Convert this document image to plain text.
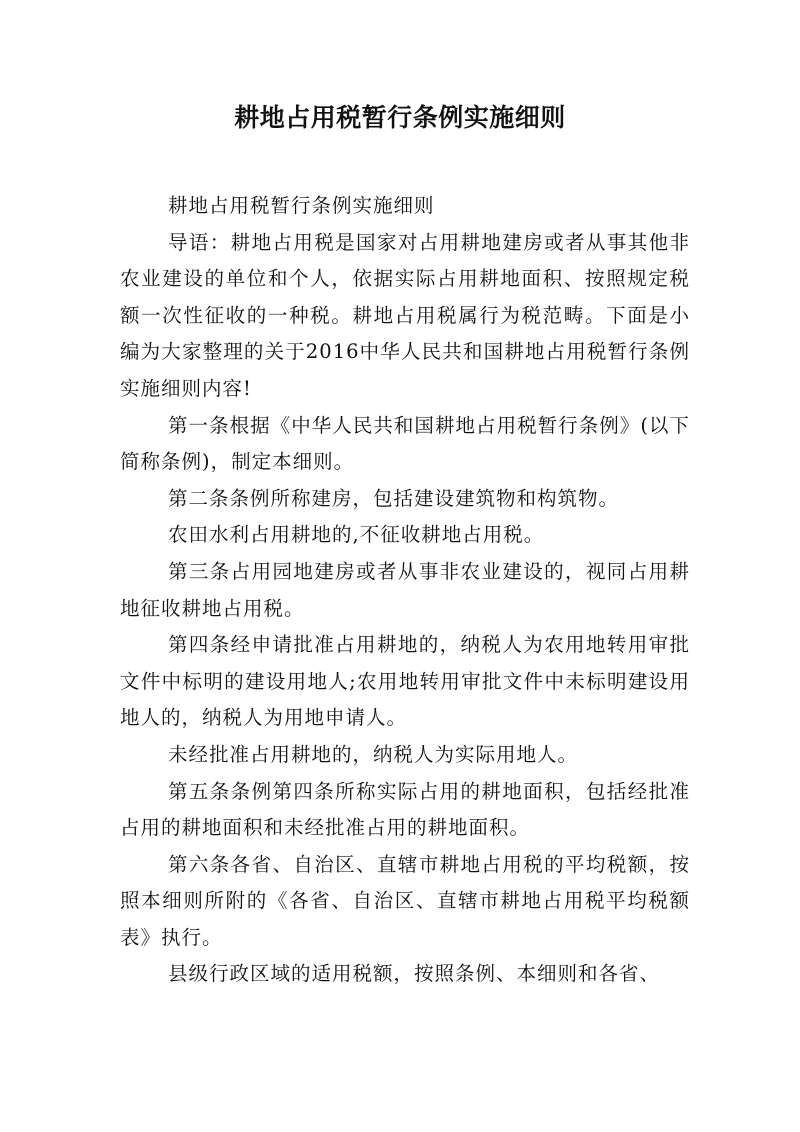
耕地占用税暂行条例实施细则

耕地占用税暂行条例实施细则

导语：耕地占用税是国家对占用耕地建房或者从事其他非农业建设的单位和个人，依据实际占用耕地面积、按照规定税额一次性征收的一种税。耕地占用税属行为税范畴。下面是小编为大家整理的关于2016中华人民共和国耕地占用税暂行条例实施细则内容!

第一条根据《中华人民共和国耕地占用税暂行条例》(以下简称条例)，制定本细则。

第二条条例所称建房，包括建设建筑物和构筑物。

农田水利占用耕地的,不征收耕地占用税。

第三条占用园地建房或者从事非农业建设的，视同占用耕地征收耕地占用税。

第四条经申请批准占用耕地的，纳税人为农用地转用审批文件中标明的建设用地人;农用地转用审批文件中未标明建设用地人的，纳税人为用地申请人。

未经批准占用耕地的，纳税人为实际用地人。

第五条条例第四条所称实际占用的耕地面积，包括经批准占用的耕地面积和未经批准占用的耕地面积。

第六条各省、自治区、直辖市耕地占用税的平均税额，按照本细则所附的《各省、自治区、直辖市耕地占用税平均税额表》执行。

县级行政区域的适用税额，按照条例、本细则和各省、
